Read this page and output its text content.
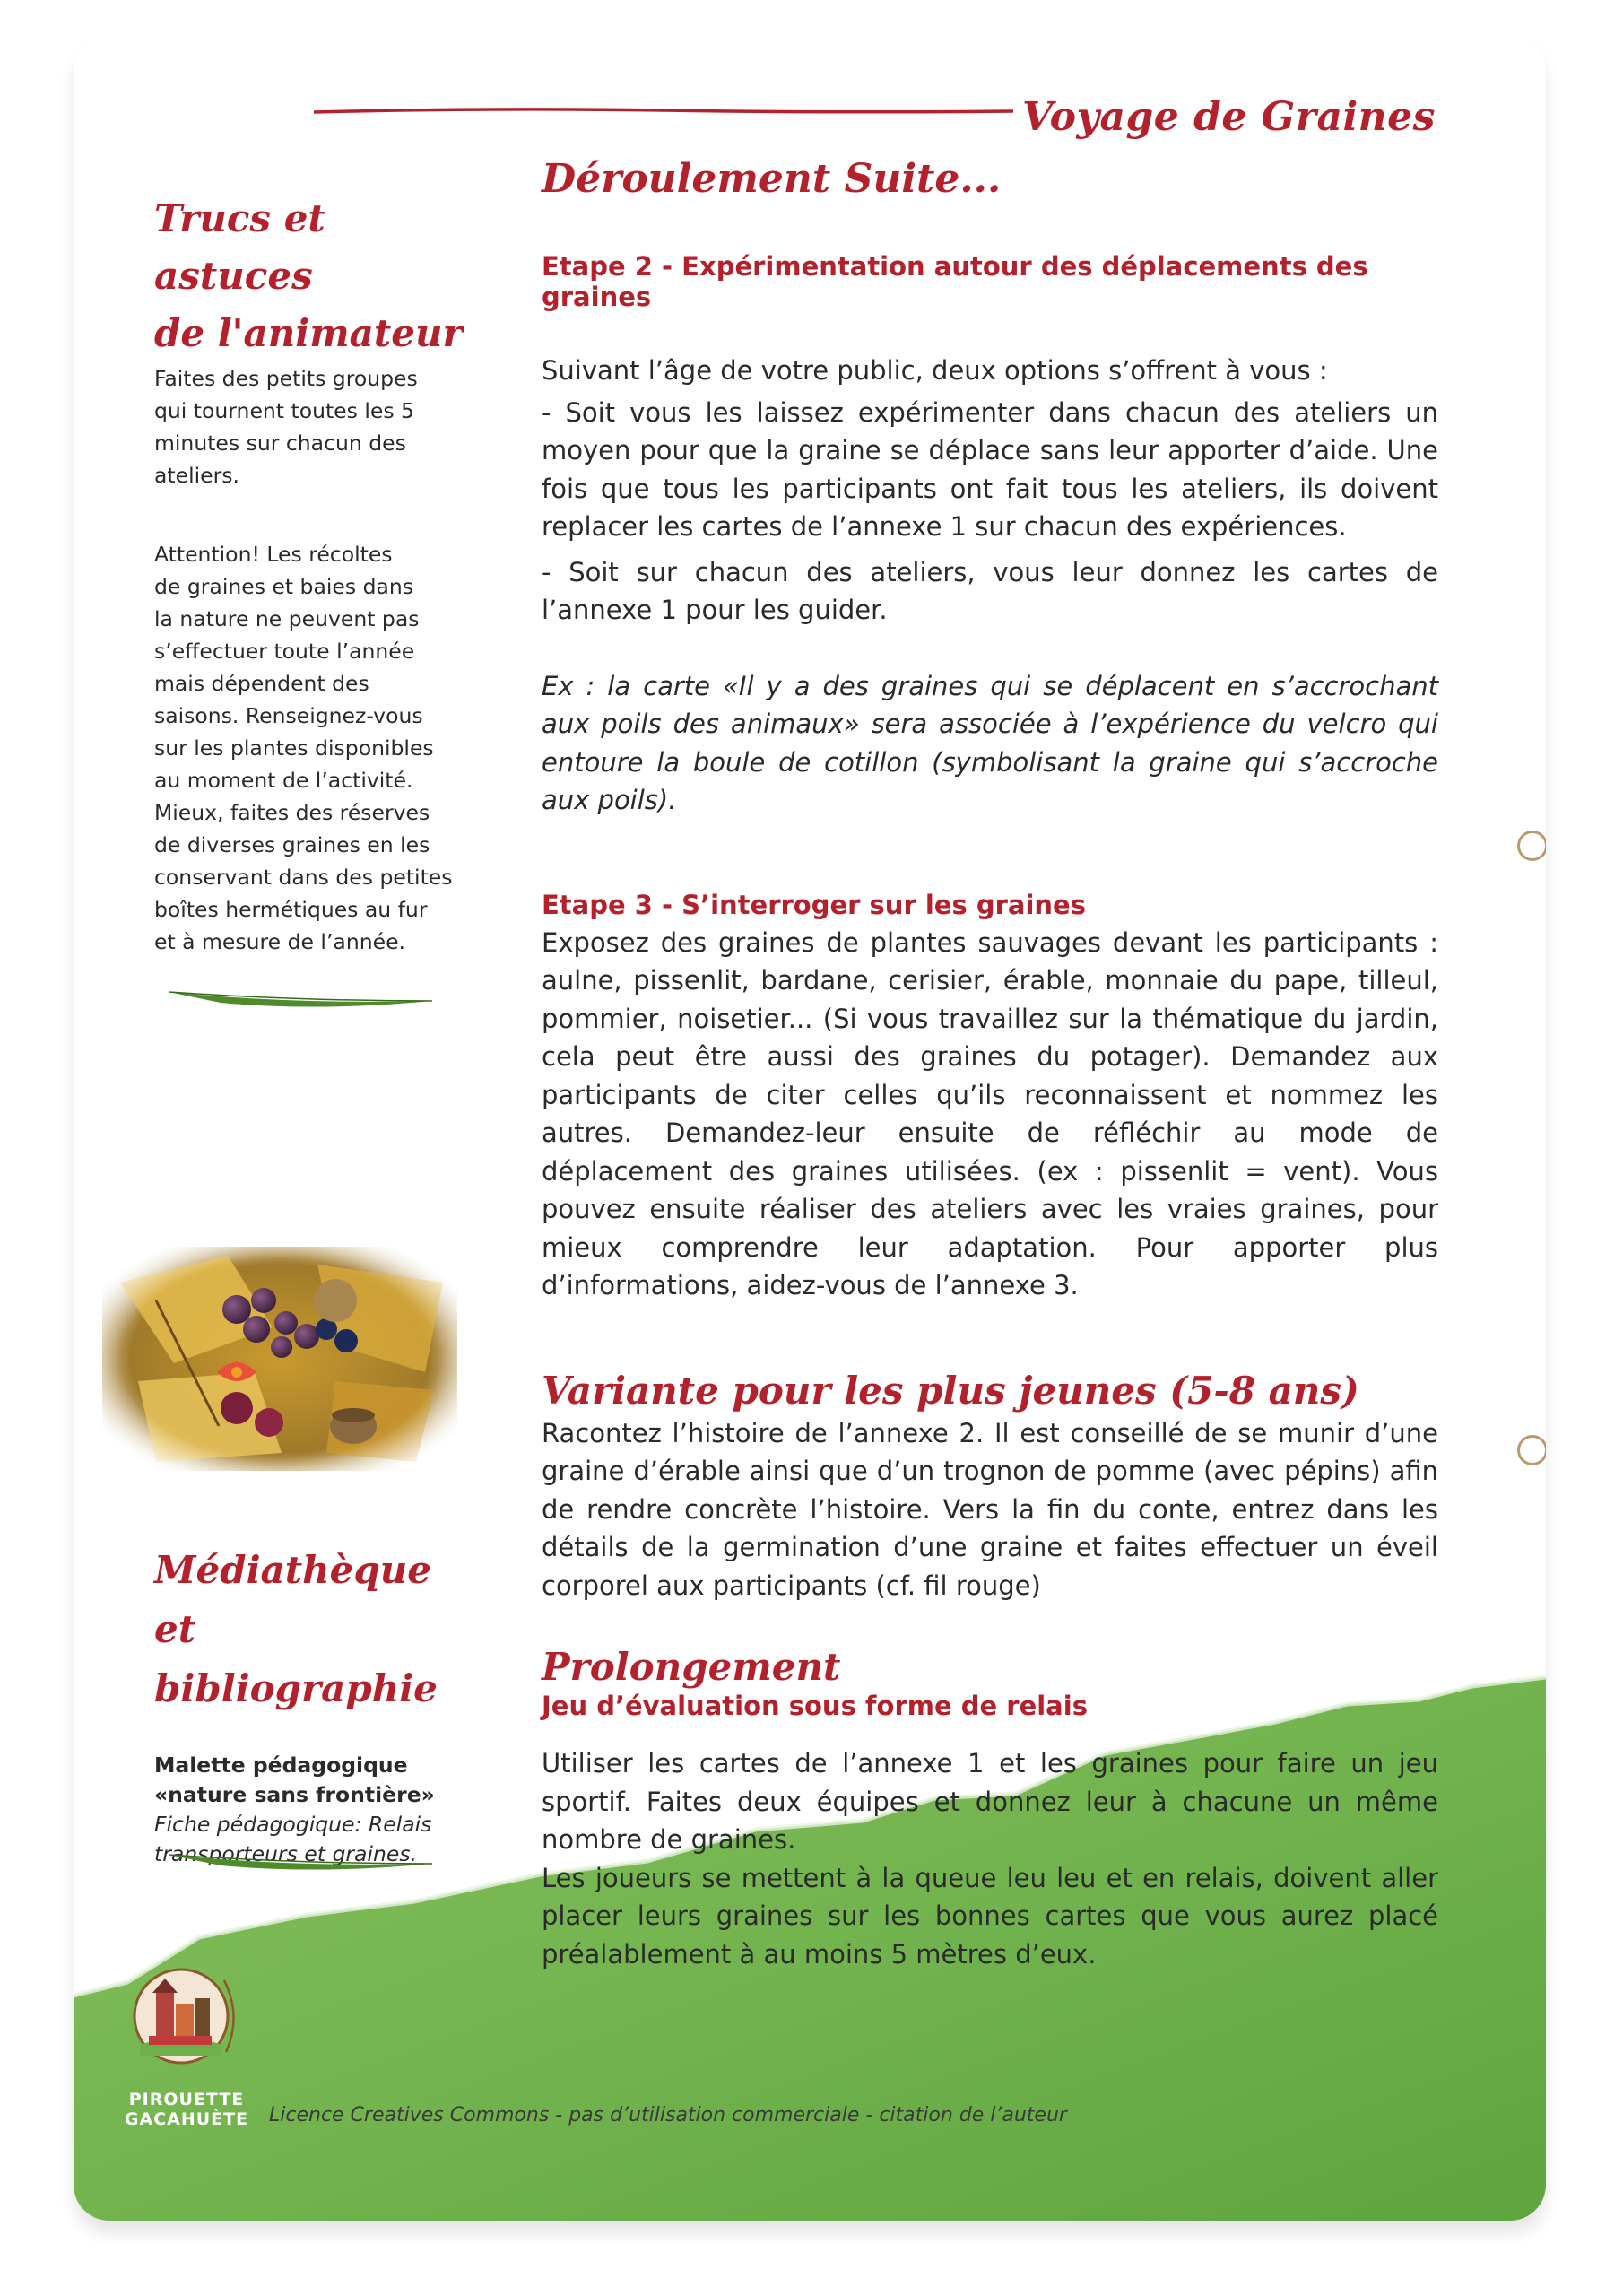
Voyage de Graines
Trucs et astuces
de l'animateur

Faites des petits groupes
qui tournent toutes les 5
minutes sur chacun des
ateliers.

Attention! Les récoltes
de graines et baies dans
la nature ne peuvent pas
s’effectuer toute l’année
mais dépendent des
saisons. Renseignez-vous
sur les plantes disponibles
au moment de l’activité.
Mieux, faites des réserves
de diverses graines en les
conservant dans des petites
boîtes hermétiques au fur
et à mesure de l’année.

Médiathèque et
bibliographie

Malette pédagogique
«nature sans frontière»
Fiche pédagogique: Relais
transporteurs et graines.

Déroulement Suite...
Etape 2 - Expérimentation autour des déplacements des graines

Suivant l’âge de votre public, deux options s’offrent à vous :

- Soit vous les laissez expérimenter dans chacun des ateliers un moyen pour que la graine se déplace sans leur apporter d’aide. Une fois que tous les participants ont fait tous les ateliers, ils doivent replacer les cartes de l’annexe 1 sur chacun des expériences.

- Soit sur chacun des ateliers, vous leur donnez les cartes de l’annexe 1 pour les guider.

Ex : la carte «Il y a des graines qui se déplacent en s’accrochant aux poils des animaux» sera associée à l’expérience du velcro qui entoure la boule de cotillon (symbolisant la graine qui s’accroche aux poils).

Etape 3 - S’interroger sur les graines

Exposez des graines de plantes sauvages devant les participants : aulne, pissenlit, bardane, cerisier, érable, monnaie du pape, tilleul, pommier, noisetier... (Si vous travaillez sur la thématique du jardin, cela peut être aussi des graines du potager). Demandez aux participants de citer celles qu’ils reconnaissent et nommez les autres. Demandez-leur ensuite de réfléchir au mode de déplacement des graines utilisées. (ex : pissenlit = vent). Vous pouvez ensuite réaliser des ateliers avec les vraies graines, pour mieux comprendre leur adaptation. Pour apporter plus d’informations, aidez-vous de l’annexe 3.

Variante pour les plus jeunes (5-8 ans)

Racontez l’histoire de l’annexe 2. Il est conseillé de se munir d’une graine d’érable ainsi que d’un trognon de pomme (avec pépins) afin de rendre concrète l’histoire. Vers la fin du conte, entrez dans les détails de la germination d’une graine et faites effectuer un éveil corporel aux participants (cf. fil rouge)

Prolongement
Jeu d’évaluation sous forme de relais

Utiliser les cartes de l’annexe 1 et les graines pour faire un jeu sportif. Faites deux équipes et donnez leur à chacune un même nombre de graines.

Les joueurs se mettent à la queue leu leu et en relais, doivent aller placer leurs graines sur les bonnes cartes que vous aurez placé préalablement à au moins 5 mètres d’eux.

PIROUETTE

GACAHUÈTE	Licence Creatives Commons - pas d’utilisation commerciale - citation de l’auteur
